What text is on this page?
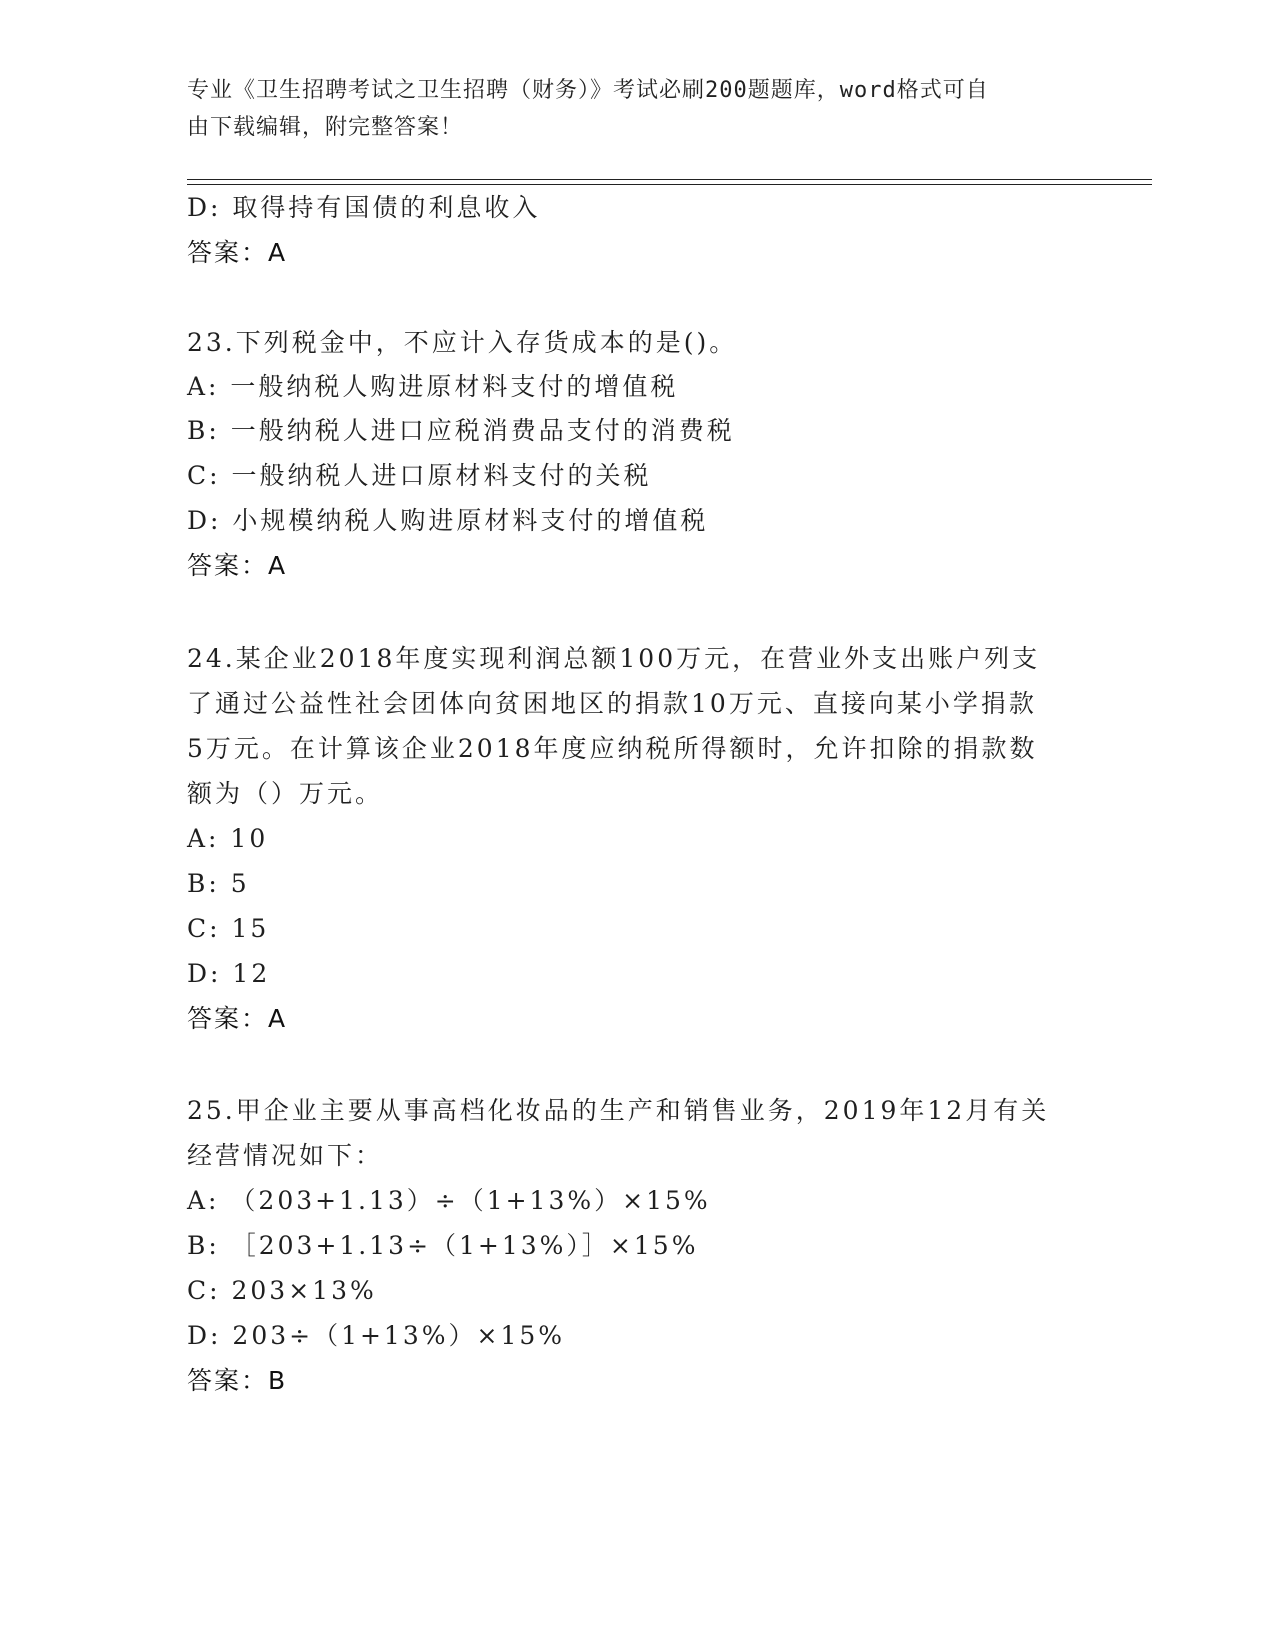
专业《卫生招聘考试之卫生招聘（财务）》考试必刷200题题库，word格式可自
由下载编辑，附完整答案！
D: 取得持有国债的利息收入
答案：A
23.下列税金中，不应计入存货成本的是()。
A: 一般纳税人购进原材料支付的增值税
B: 一般纳税人进口应税消费品支付的消费税
C: 一般纳税人进口原材料支付的关税
D: 小规模纳税人购进原材料支付的增值税
答案：A
24.某企业2018年度实现利润总额100万元，在营业外支出账户列支
了通过公益性社会团体向贫困地区的捐款10万元、直接向某小学捐款
5万元。在计算该企业2018年度应纳税所得额时，允许扣除的捐款数
额为（）万元。
A: 10
B: 5
C: 15
D: 12
答案：A
25.甲企业主要从事高档化妆品的生产和销售业务，2019年12月有关
经营情况如下：
A: （203+1.13）÷（1+13%）×15%
B: ［203+1.13÷（1+13%）］×15%
C: 203×13%
D: 203÷（1+13%）×15%
答案：B
